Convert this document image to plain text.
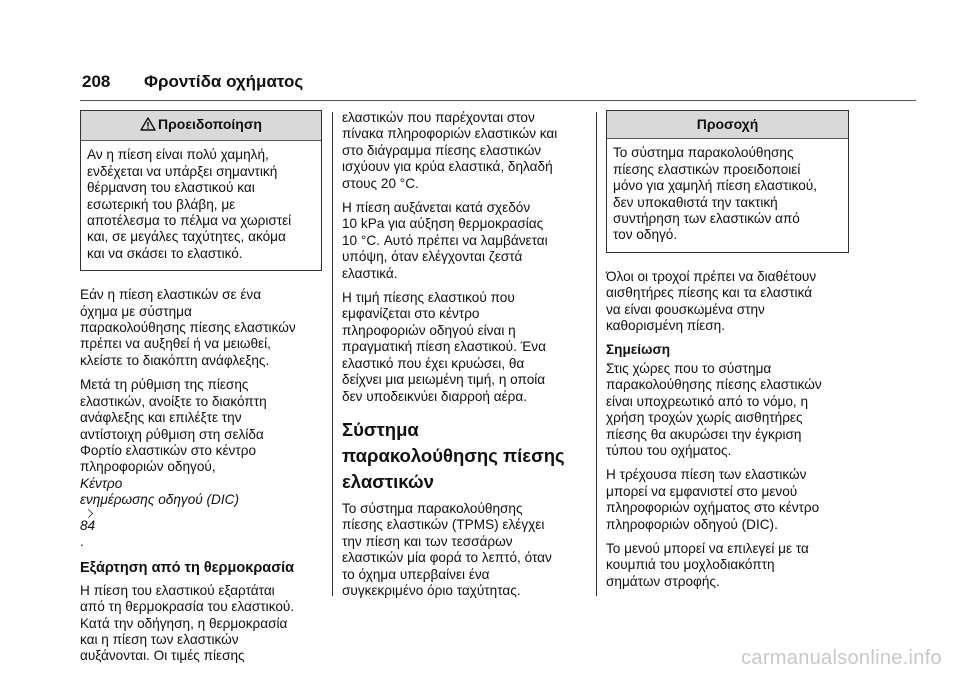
208 Φροντίδα οχήματος
Προειδοποίηση
Αν η πίεση είναι πολύ χαμηλή,
ενδέχεται να υπάρξει σημαντική
θέρμανση του ελαστικού και
εσωτερική του βλάβη, με
αποτέλεσμα το πέλμα να χωριστεί
και, σε μεγάλες ταχύτητες, ακόμα
και να σκάσει το ελαστικό.

Εάν η πίεση ελαστικών σε ένα
όχημα με σύστημα
παρακολούθησης πίεσης ελαστικών
πρέπει να αυξηθεί ή να μειωθεί,
κλείστε το διακόπτη ανάφλεξης.

Μετά τη ρύθμιση της πίεσης
ελαστικών, ανοίξτε το διακόπτη
ανάφλεξης και επιλέξτε την
αντίστοιχη ρύθμιση στη σελίδα
Φορτίο ελαστικών στο κέντρο
πληροφοριών οδηγού,
Κέντρο
ενημέρωσης οδηγού (DIC)
84
.

Εξάρτηση από τη θερμοκρασία

Η πίεση του ελαστικού εξαρτάται
από τη θερμοκρασία του ελαστικού.
Κατά την οδήγηση, η θερμοκρασία
και η πίεση των ελαστικών
αυξάνονται. Οι τιμές πίεσης

ελαστικών που παρέχονται στον
πίνακα πληροφοριών ελαστικών και
στο διάγραμμα πίεσης ελαστικών
ισχύουν για κρύα ελαστικά, δηλαδή
στους 20 °C.

Η πίεση αυξάνεται κατά σχεδόν
10 kPa για αύξηση θερμοκρασίας
10 °C. Αυτό πρέπει να λαμβάνεται
υπόψη, όταν ελέγχονται ζεστά
ελαστικά.

Η τιμή πίεσης ελαστικού που
εμφανίζεται στο κέντρο
πληροφοριών οδηγού είναι η
πραγματική πίεση ελαστικού. Ένα
ελαστικό που έχει κρυώσει, θα
δείχνει μια μειωμένη τιμή, η οποία
δεν υποδεικνύει διαρροή αέρα.

Σύστημα
παρακολούθησης πίεσης
ελαστικών

Το σύστημα παρακολούθησης
πίεσης ελαστικών (TPMS) ελέγχει
την πίεση και των τεσσάρων
ελαστικών μία φορά το λεπτό, όταν
το όχημα υπερβαίνει ένα
συγκεκριμένο όριο ταχύτητας.

Προσοχή
Το σύστημα παρακολούθησης
πίεσης ελαστικών προειδοποιεί
μόνο για χαμηλή πίεση ελαστικού,
δεν υποκαθιστά την τακτική
συντήρηση των ελαστικών από
τον οδηγό.

Όλοι οι τροχοί πρέπει να διαθέτουν
αισθητήρες πίεσης και τα ελαστικά
να είναι φουσκωμένα στην
καθορισμένη πίεση.

Σημείωση

Στις χώρες που το σύστημα
παρακολούθησης πίεσης ελαστικών
είναι υποχρεωτικό από το νόμο, η
χρήση τροχών χωρίς αισθητήρες
πίεσης θα ακυρώσει την έγκριση
τύπου του οχήματος.

Η τρέχουσα πίεση των ελαστικών
μπορεί να εμφανιστεί στο μενού
πληροφοριών οχήματος στο κέντρο
πληροφοριών οδηγού (DIC).

Το μενού μπορεί να επιλεγεί με τα
κουμπιά του μοχλοδιακόπτη
σημάτων στροφής.

carmanualsonline.info
